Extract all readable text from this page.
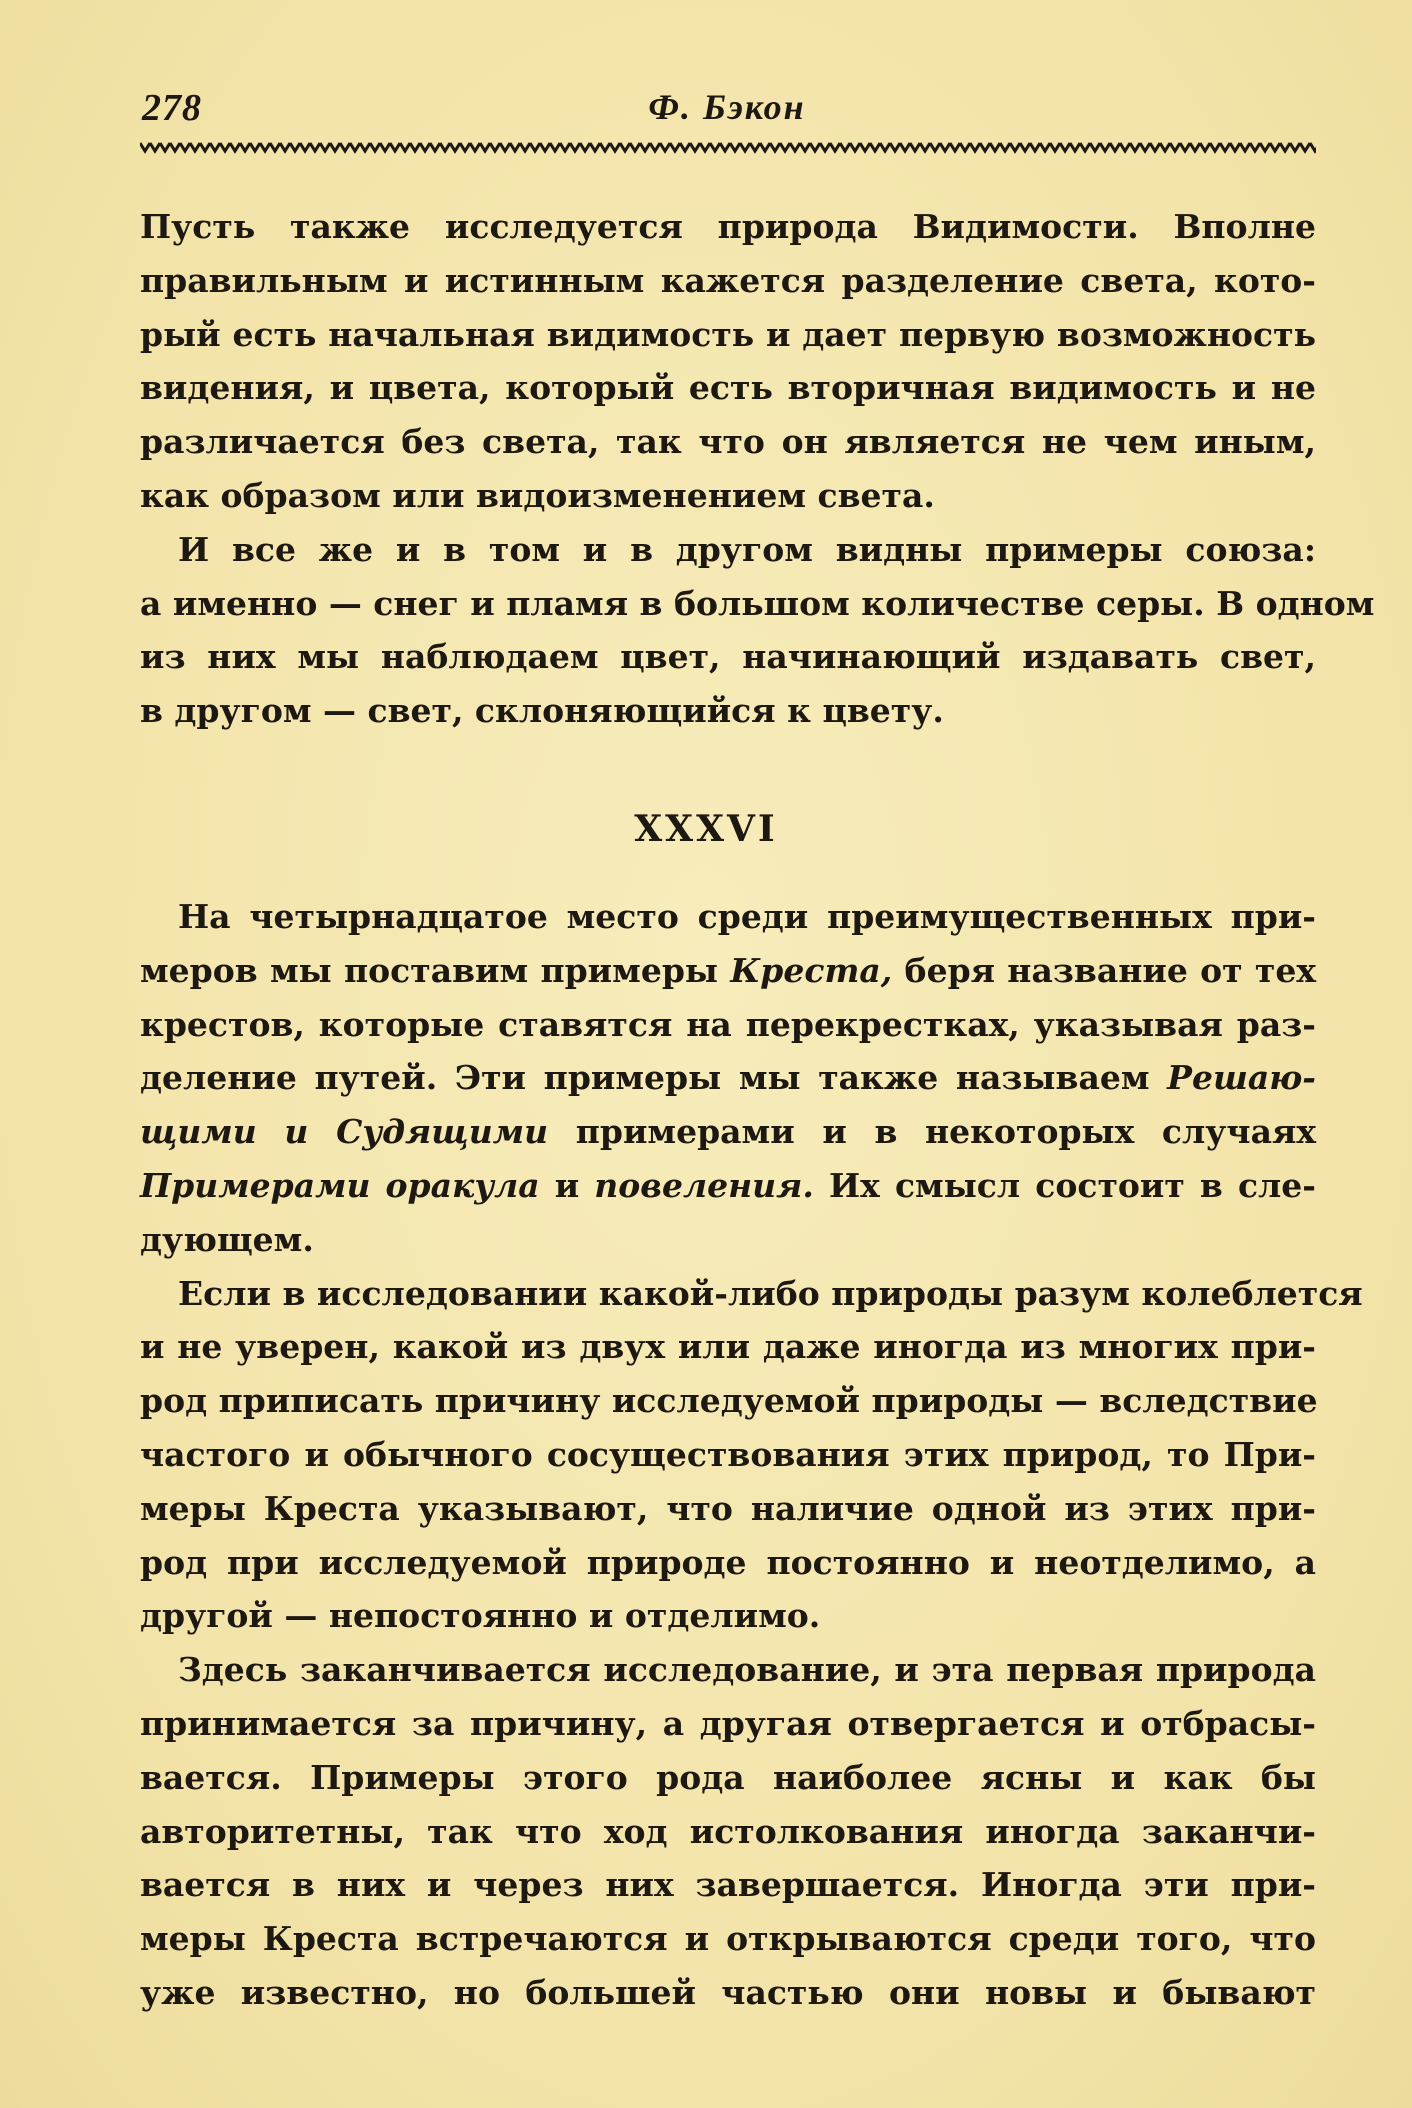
278	Ф. Бэкон
Пусть также исследуется природа Видимости. Вполне
правильным и истинным кажется разделение света, кото-
рый есть начальная видимость и дает первую возможность
видения, и цвета, который есть вторичная видимость и не
различается без света, так что он является не чем иным,
как образом или видоизменением света.
И все же и в том и в другом видны примеры союза:
а именно — снег и пламя в большом количестве серы. В одном
из них мы наблюдаем цвет, начинающий издавать свет,
в другом — свет, склоняющийся к цвету.
XXXVI
На четырнадцатое место среди преимущественных при-
меров мы поставим примеры Креста, беря название от тех
крестов, которые ставятся на перекрестках, указывая раз-
деление путей. Эти примеры мы также называем Решаю-
щими и Судящими примерами и в некоторых случаях
Примерами оракула и повеления. Их смысл состоит в сле-
дующем.
Если в исследовании какой-либо природы разум колеблется
и не уверен, какой из двух или даже иногда из многих при-
род приписать причину исследуемой природы — вследствие
частого и обычного сосуществования этих природ, то При-
меры Креста указывают, что наличие одной из этих при-
род при исследуемой природе постоянно и неотделимо, а
другой — непостоянно и отделимо.
Здесь заканчивается исследование, и эта первая природа
принимается за причину, а другая отвергается и отбрасы-
вается. Примеры этого рода наиболее ясны и как бы
авторитетны, так что ход истолкования иногда заканчи-
вается в них и через них завершается. Иногда эти при-
меры Креста встречаются и открываются среди того, что
уже известно, но большей частью они новы и бывают
